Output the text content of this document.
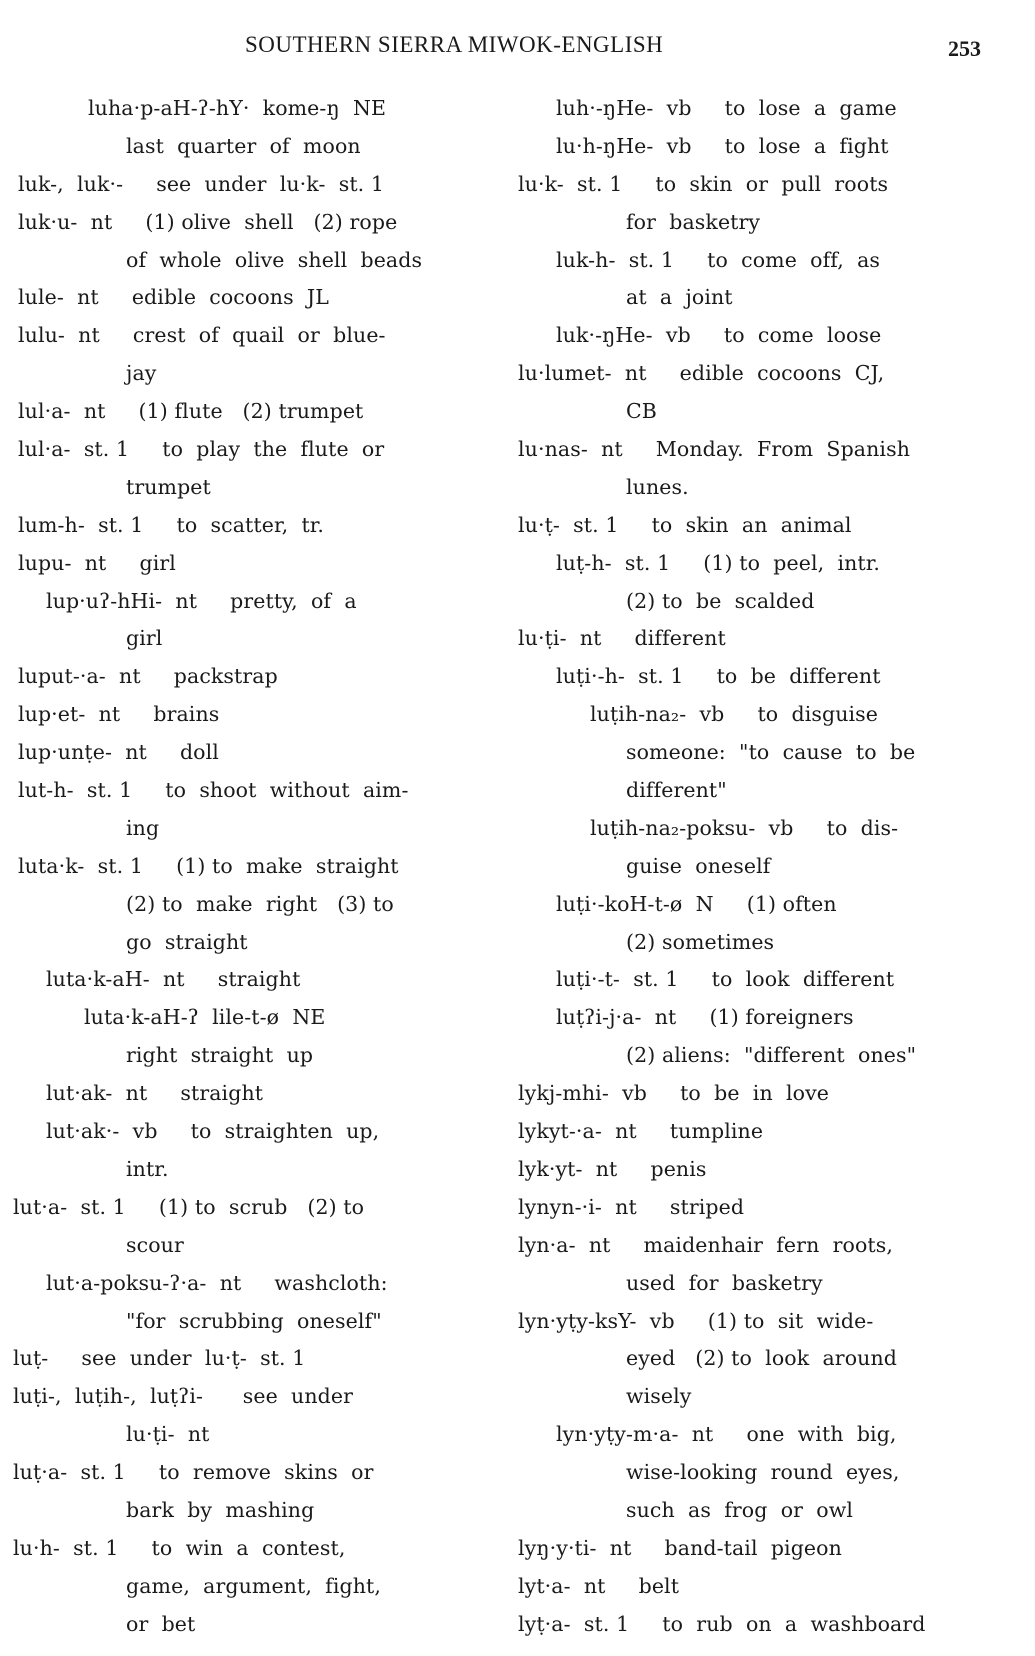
SOUTHERN SIERRA MIWOK-ENGLISH	253
luha·p-aH-ʔ-hY·  kome-ŋ  NE
last  quarter  of  moon
luk-,  luk·-     see  under  lu·k-  st. 1
luk·u-  nt     (1) olive  shell   (2) rope
of  whole  olive  shell  beads
lule-  nt     edible  cocoons  JL
lulu-  nt     crest  of  quail  or  blue-
jay
lul·a-  nt     (1) flute   (2) trumpet
lul·a-  st. 1     to  play  the  flute  or
trumpet
lum-h-  st. 1     to  scatter,  tr.
lupu-  nt     girl
lup·uʔ-hHi-  nt     pretty,  of  a
girl
luput-·a-  nt     packstrap
lup·et-  nt     brains
lup·unṭe-  nt     doll
lut-h-  st. 1     to  shoot  without  aim-
ing
luta·k-  st. 1     (1) to  make  straight
(2) to  make  right   (3) to
go  straight
luta·k-aH-  nt     straight
luta·k-aH-ʔ  lile-t-ø  NE
right  straight  up
lut·ak-  nt     straight
lut·ak·-  vb     to  straighten  up,
intr.
lut·a-  st. 1     (1) to  scrub   (2) to
scour
lut·a-poksu-ʔ·a-  nt     washcloth:
"for  scrubbing  oneself"
luṭ-     see  under  lu·ṭ-  st. 1
luṭi-,  luṭih-,  luṭʔi-      see  under
lu·ṭi-  nt
luṭ·a-  st. 1     to  remove  skins  or
bark  by  mashing
lu·h-  st. 1     to  win  a  contest,
game,  argument,  fight,
or  bet
luh·-ŋHe-  vb     to  lose  a  game
lu·h-ŋHe-  vb     to  lose  a  fight
lu·k-  st. 1     to  skin  or  pull  roots
for  basketry
luk-h-  st. 1     to  come  off,  as
at  a  joint
luk·-ŋHe-  vb     to  come  loose
lu·lumet-  nt     edible  cocoons  CJ,
CB
lu·nas-  nt     Monday.  From  Spanish
lunes.
lu·ṭ-  st. 1     to  skin  an  animal
luṭ-h-  st. 1     (1) to  peel,  intr.
(2) to  be  scalded
lu·ṭi-  nt     different
luṭi·-h-  st. 1     to  be  different
luṭih-na₂-  vb     to  disguise
someone:  "to  cause  to  be
different"
luṭih-na₂-poksu-  vb     to  dis-
guise  oneself
luṭi·-koH-t-ø  N     (1) often
(2) sometimes
luṭi·-t-  st. 1     to  look  different
luṭʔi-j·a-  nt     (1) foreigners
(2) aliens:  "different  ones"
lykj-mhi-  vb     to  be  in  love
lykyt-·a-  nt     tumpline
lyk·yt-  nt     penis
lynyn-·i-  nt     striped
lyn·a-  nt     maidenhair  fern  roots,
used  for  basketry
lyn·yṭy-ksY-  vb     (1) to  sit  wide-
eyed   (2) to  look  around
wisely
lyn·yṭy-m·a-  nt     one  with  big,
wise-looking  round  eyes,
such  as  frog  or  owl
lyŋ·y·ti-  nt     band-tail  pigeon
lyt·a-  nt     belt
lyṭ·a-  st. 1     to  rub  on  a  washboard
